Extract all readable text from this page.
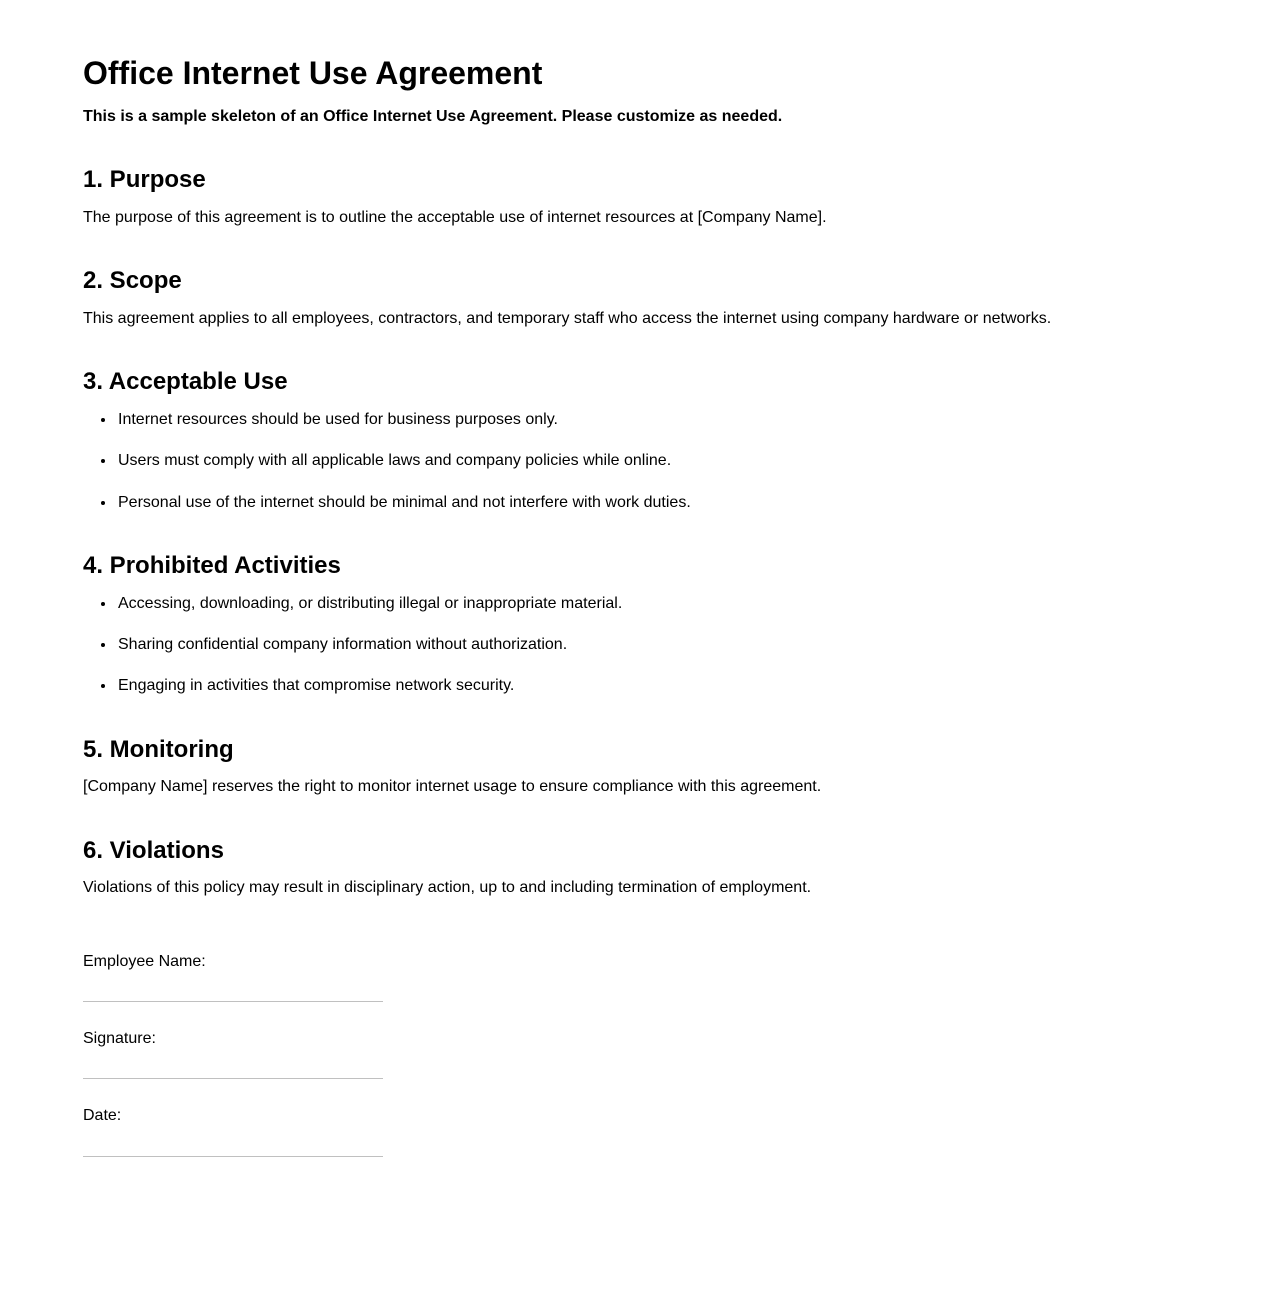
Office Internet Use Agreement

This is a sample skeleton of an Office Internet Use Agreement. Please customize as needed.

1. Purpose

The purpose of this agreement is to outline the acceptable use of internet resources at [Company Name].

2. Scope

This agreement applies to all employees, contractors, and temporary staff who access the internet using company hardware or networks.

3. Acceptable Use
• Internet resources should be used for business purposes only.
• Users must comply with all applicable laws and company policies while online.
• Personal use of the internet should be minimal and not interfere with work duties.
4. Prohibited Activities
• Accessing, downloading, or distributing illegal or inappropriate material.
• Sharing confidential company information without authorization.
• Engaging in activities that compromise network security.
5. Monitoring

[Company Name] reserves the right to monitor internet usage to ensure compliance with this agreement.

6. Violations

Violations of this policy may result in disciplinary action, up to and including termination of employment.

Employee Name:

Signature:

Date:
